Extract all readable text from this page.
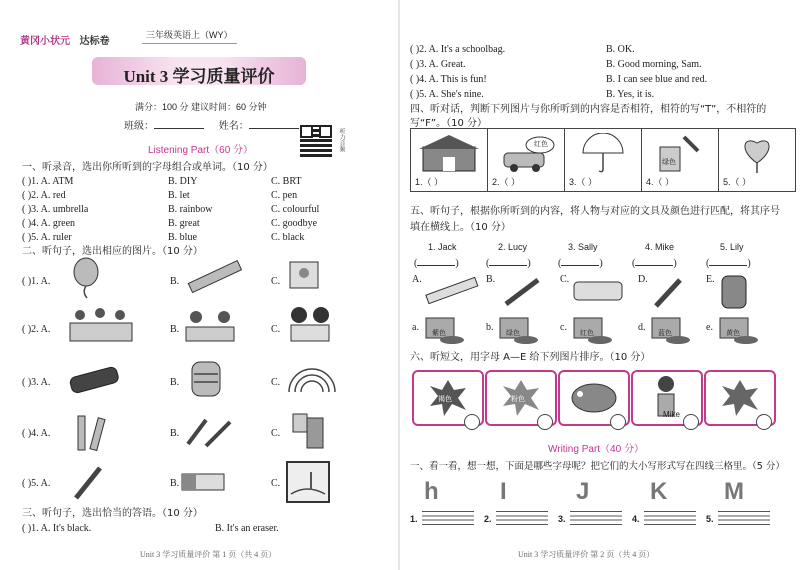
黄冈小状元 达标卷
三年级英语上（WY）
Unit 3 学习质量评价
满分：100 分 建议时间：60 分钟
班级：	姓名：
听力音频
Listening Part（60 分）
一、听录音，选出你所听到的字母组合或单词。（10 分）
( )1. A. ATM	B. DIY	C. BRT
( )2. A. red	B. let	C. pen
( )3. A. umbrella	B. rainbow	C. colourful
( )4. A. green	B. great	C. goodbye
( )5. A. ruler	B. blue	C. black
二、听句子，选出相应的图片。（10 分）
( )1. A.	B.	C.
( )2. A.	B.	C.
( )3. A.	B.	C.
( )4. A.	B.	C.
( )5. A.	B.	C.
三、听句子，选出恰当的答语。（10 分）
( )1. A. It's black.	B. It's an eraser.
Unit 3 学习质量评价 第 1 页（共 4 页）
( )2. A. It's a schoolbag.	B. OK.
( )3. A. Great.	B. Good morning, Sam.
( )4. A. This is fun!	B. I can see blue and red.
( )5. A. She's nine.	B. Yes, it is.
四、听对话，判断下列图片与你所听到的内容是否相符，相符的写“T”，不相符的
写“F”。（10 分）
1.（ ）
红色
2.（ ）	3.（ ）
绿色
4.（ ）	5.（ ）
五、听句子，根据你所听到的内容，将人物与对应的文具及颜色进行匹配，将其序号
填在横线上。（10 分）
1. Jack	2. Lucy	3. Sally	4. Mike	5. Lily
(	)	(	)	(	)	(	)	(	)
A.	B.	C.	D.	E.
a.	b.	c.	d.	e.
紫色	绿色	红色	蓝色	黄色
六、听短文，用字母 A—E 给下列图片排序。（10 分）
褐色	粉色
Mike
Writing Part（40 分）
一、看一看，想一想，下面是哪些字母呢？把它们的大小写形式写在四线三格里。（5 分）
h	I	J	K M
1.	2.	3.	4.	5.
Unit 3 学习质量评价 第 2 页（共 4 页）
